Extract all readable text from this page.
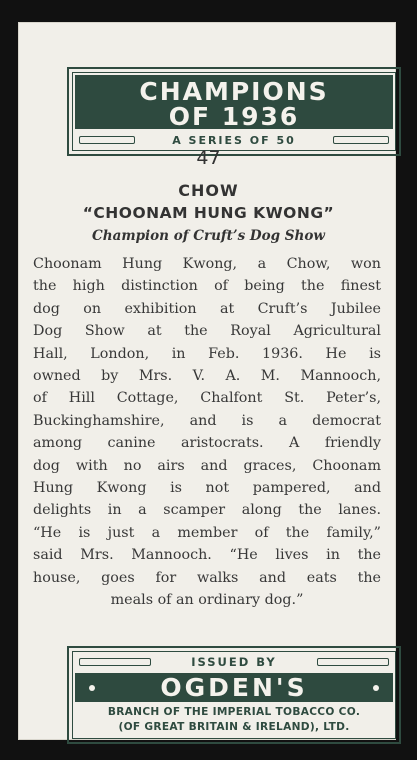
CHAMPIONS
OF 1936
A SERIES OF 50
ISSUED BY
OGDEN'S
BRANCH OF THE IMPERIAL TOBACCO CO.
(OF GREAT BRITAIN & IRELAND), LTD.
47
CHOW
“CHOONAM HUNG KWONG”
Champion of Cruft’s Dog Show
Choonam Hung Kwong, a Chow, won
the high distinction of being the finest
dog on exhibition at Cruft’s Jubilee
Dog Show at the Royal Agricultural
Hall, London, in Feb. 1936. He is
owned by Mrs. V. A. M. Mannooch,
of Hill Cottage, Chalfont St. Peter’s,
Buckinghamshire, and is a democrat
among canine aristocrats. A friendly
dog with no airs and graces, Choonam
Hung Kwong is not pampered, and
delights in a scamper along the lanes.
“He is just a member of the family,”
said Mrs. Mannooch. “He lives in the
house, goes for walks and eats the
meals of an ordinary dog.”
